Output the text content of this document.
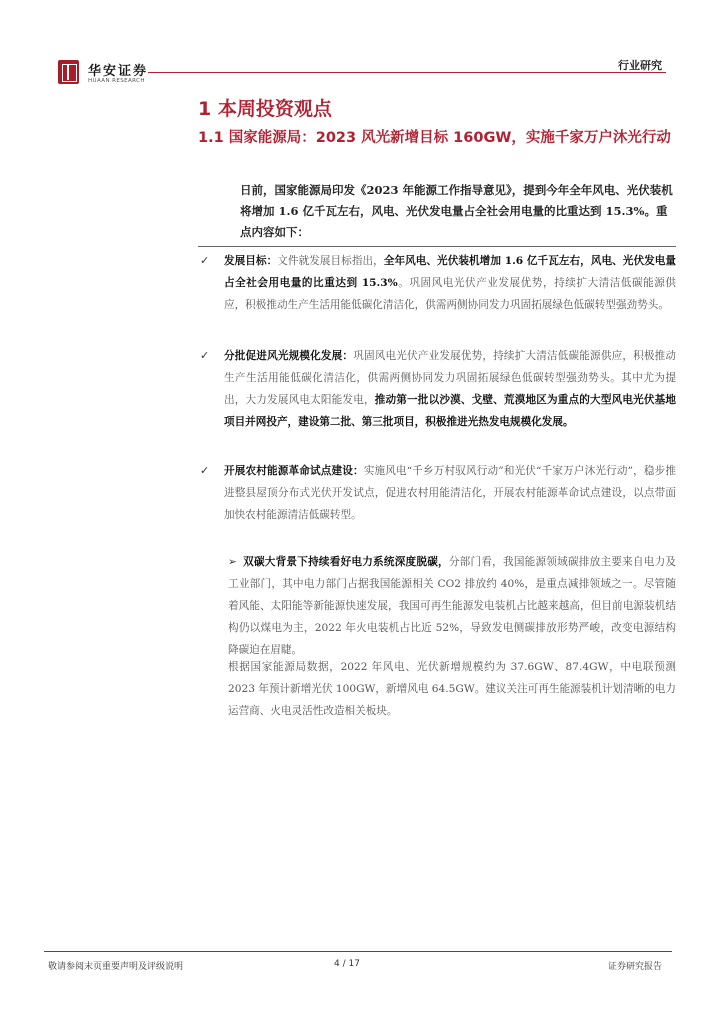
华安证券
HUAAN RESEARCH
行业研究
1 本周投资观点
1.1 国家能源局：2023 风光新增目标 160GW，实施千家万户沐光行动
日前，国家能源局印发《2023 年能源工作指导意见》，提到今年全年风电、光伏装机将增加 1.6 亿千瓦左右，风电、光伏发电量占全社会用电量的比重达到 15.3%。重点内容如下：
✓ 发展目标：文件就发展目标指出，全年风电、光伏装机增加 1.6 亿千瓦左右，风电、光伏发电量占全社会用电量的比重达到 15.3%。巩固风电光伏产业发展优势，持续扩大清洁低碳能源供应，积极推动生产生活用能低碳化清洁化，供需两侧协同发力巩固拓展绿色低碳转型强劲势头。
✓ 分批促进风光规模化发展：巩固风电光伏产业发展优势，持续扩大清洁低碳能源供应，积极推动生产生活用能低碳化清洁化，供需两侧协同发力巩固拓展绿色低碳转型强劲势头。其中尤为提出，大力发展风电太阳能发电，推动第一批以沙漠、戈壁、荒漠地区为重点的大型风电光伏基地项目并网投产，建设第二批、第三批项目，积极推进光热发电规模化发展。
✓ 开展农村能源革命试点建设：实施风电“千乡万村驭风行动”和光伏“千家万户沐光行动”，稳步推进整县屋顶分布式光伏开发试点，促进农村用能清洁化，开展农村能源革命试点建设，以点带面加快农村能源清洁低碳转型。
➢ 双碳大背景下持续看好电力系统深度脱碳，分部门看，我国能源领域碳排放主要来自电力及工业部门，其中电力部门占据我国能源相关 CO2 排放约 40%，是重点减排领域之一。尽管随着风能、太阳能等新能源快速发展，我国可再生能源发电装机占比越来越高，但目前电源装机结构仍以煤电为主，2022 年火电装机占比近 52%，导致发电侧碳排放形势严峻，改变电源结构降碳迫在眉睫。
根据国家能源局数据，2022 年风电、光伏新增规模约为 37.6GW、87.4GW，中电联预测 2023 年预计新增光伏 100GW，新增风电 64.5GW。建议关注可再生能源装机计划清晰的电力运营商、火电灵活性改造相关板块。
敬请参阅末页重要声明及评级说明	4 / 17	证券研究报告
